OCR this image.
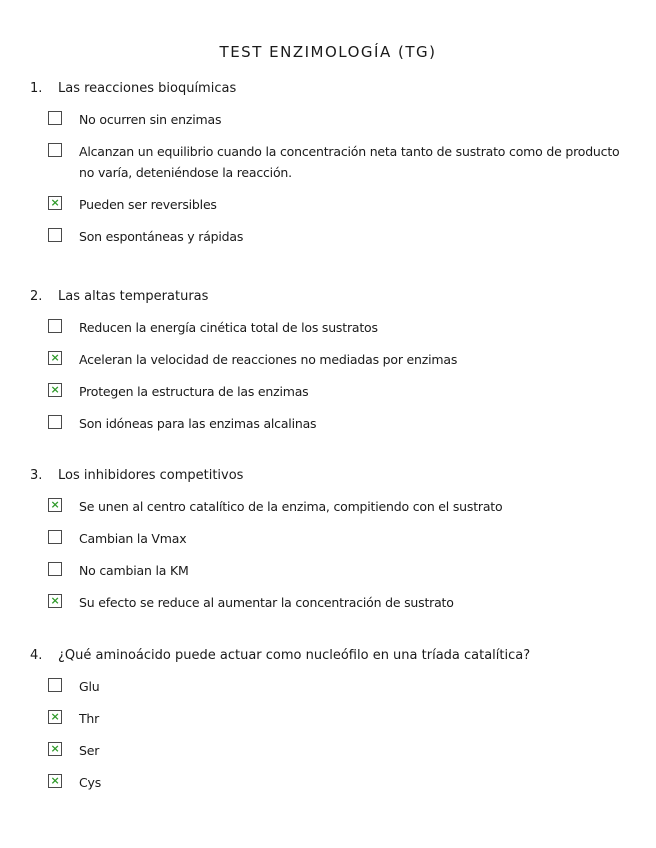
TEST ENZIMOLOGÍA (TG)
1. Las reacciones bioquímicas
No ocurren sin enzimas
Alcanzan un equilibrio cuando la concentración neta tanto de sustrato como de producto no varía, deteniéndose la reacción.
× Pueden ser reversibles
Son espontáneas y rápidas
2. Las altas temperaturas
Reducen la energía cinética total de los sustratos
× Aceleran la velocidad de reacciones no mediadas por enzimas
× Protegen la estructura de las enzimas
Son idóneas para las enzimas alcalinas
3. Los inhibidores competitivos
× Se unen al centro catalítico de la enzima, compitiendo con el sustrato
Cambian la Vmax
No cambian la KM
× Su efecto se reduce al aumentar la concentración de sustrato
4. ¿Qué aminoácido puede actuar como nucleófilo en una tríada catalítica?
Glu
× Thr
× Ser
× Cys
